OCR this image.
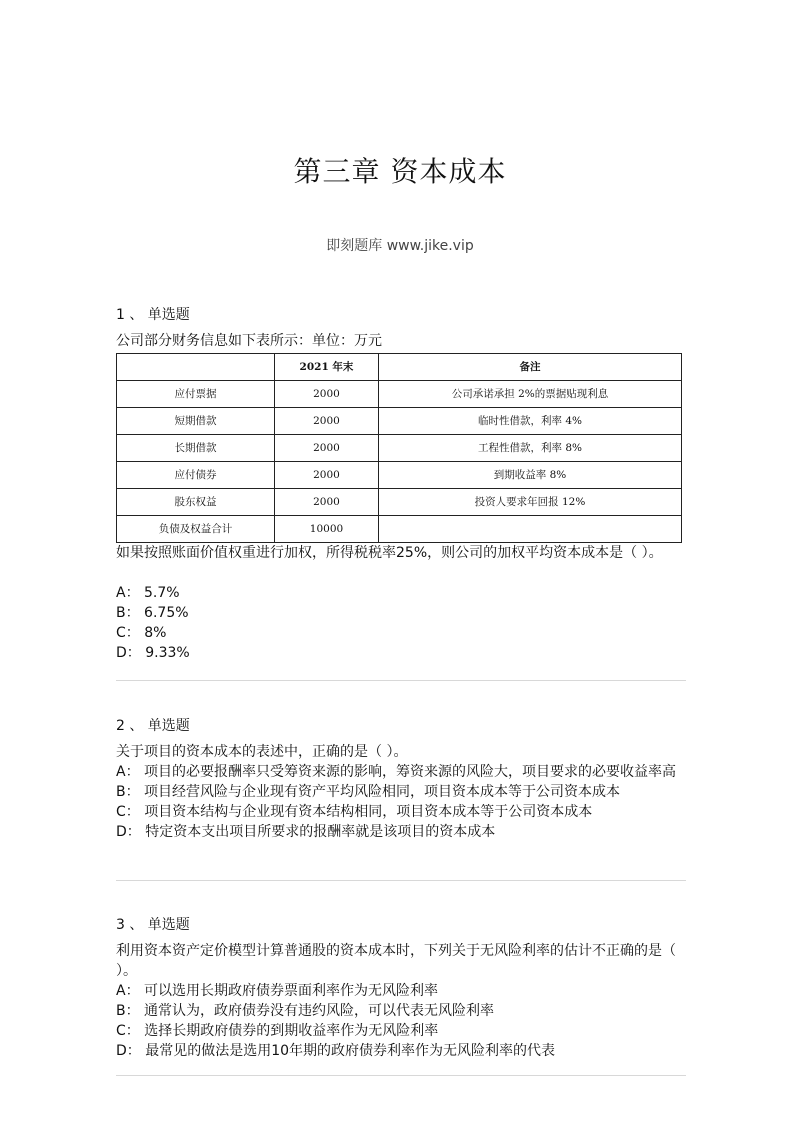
第三章 资本成本
即刻题库 www.jike.vip

1 、 单选题

公司部分财务信息如下表所示：单位：万元

	2021 年末	备注
应付票据	2000	公司承诺承担 2%的票据贴现利息
短期借款	2000	临时性借款，利率 4%
长期借款	2000	工程性借款，利率 8%
应付债券	2000	到期收益率 8%
股东权益	2000	投资人要求年回报 12%
负债及权益合计	10000	

如果按照账面价值权重进行加权，所得税税率25%，则公司的加权平均资本成本是（ ）。

A： 5.7%
B： 6.75%
C： 8%
D： 9.33%

2 、 单选题

关于项目的资本成本的表述中，正确的是（ ）。

A： 项目的必要报酬率只受筹资来源的影响，筹资来源的风险大，项目要求的必要收益率高
B： 项目经营风险与企业现有资产平均风险相同，项目资本成本等于公司资本成本
C： 项目资本结构与企业现有资本结构相同，项目资本成本等于公司资本成本
D： 特定资本支出项目所要求的报酬率就是该项目的资本成本

3 、 单选题

利用资本资产定价模型计算普通股的资本成本时，下列关于无风险利率的估计不正确的是（ ）。

A： 可以选用长期政府债券票面利率作为无风险利率
B： 通常认为，政府债券没有违约风险，可以代表无风险利率
C： 选择长期政府债券的到期收益率作为无风险利率
D： 最常见的做法是选用10年期的政府债券利率作为无风险利率的代表
